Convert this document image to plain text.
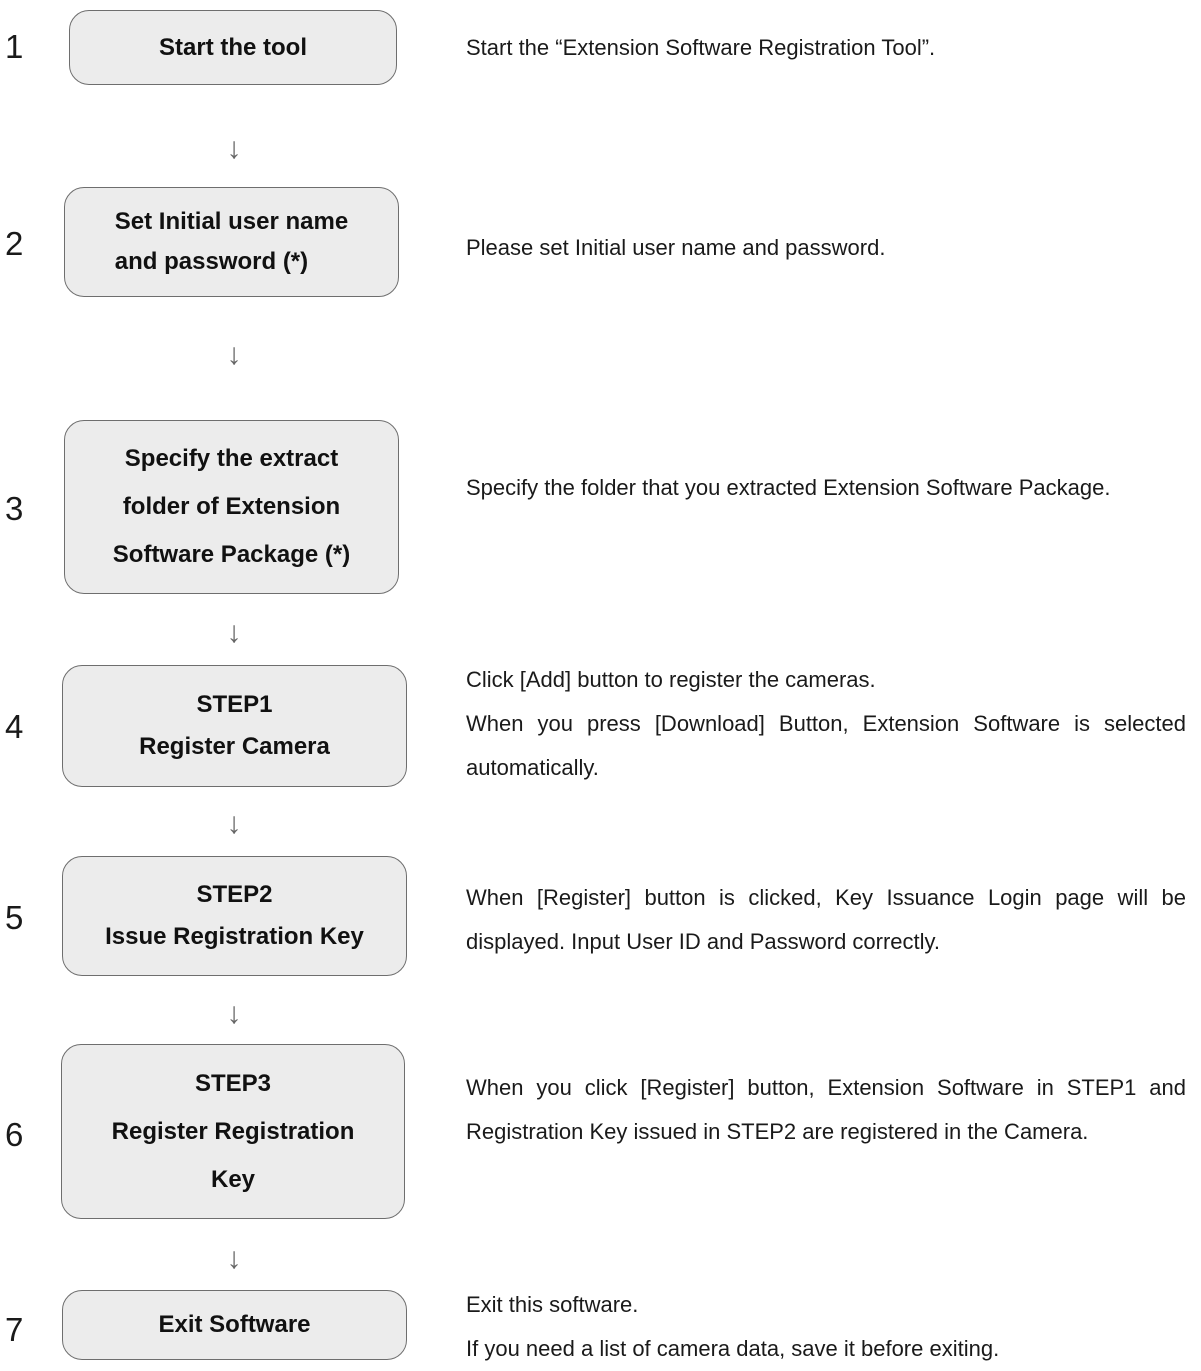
1
2
3
4
5
6
7
Start the tool
Set Initial user name
and password (*)
Specify the extract
folder of Extension
Software Package (*)
STEP1
Register Camera
STEP2
Issue Registration Key
STEP3
Register Registration
Key
Exit Software
↓
↓
↓
↓
↓
↓

Start the “Extension Software Registration Tool”.

Please set Initial user name and password.

Specify the folder that you extracted Extension Software Package.

Click [Add] button to register the cameras.

When you press [Download] Button, Extension Software is selected automatically.

When [Register] button is clicked, Key Issuance Login page will be displayed. Input User ID and Password correctly.

When you click [Register] button, Extension Software in STEP1 and Registration Key issued in STEP2 are registered in the Camera.

Exit this software.

If you need a list of camera data, save it before exiting.
